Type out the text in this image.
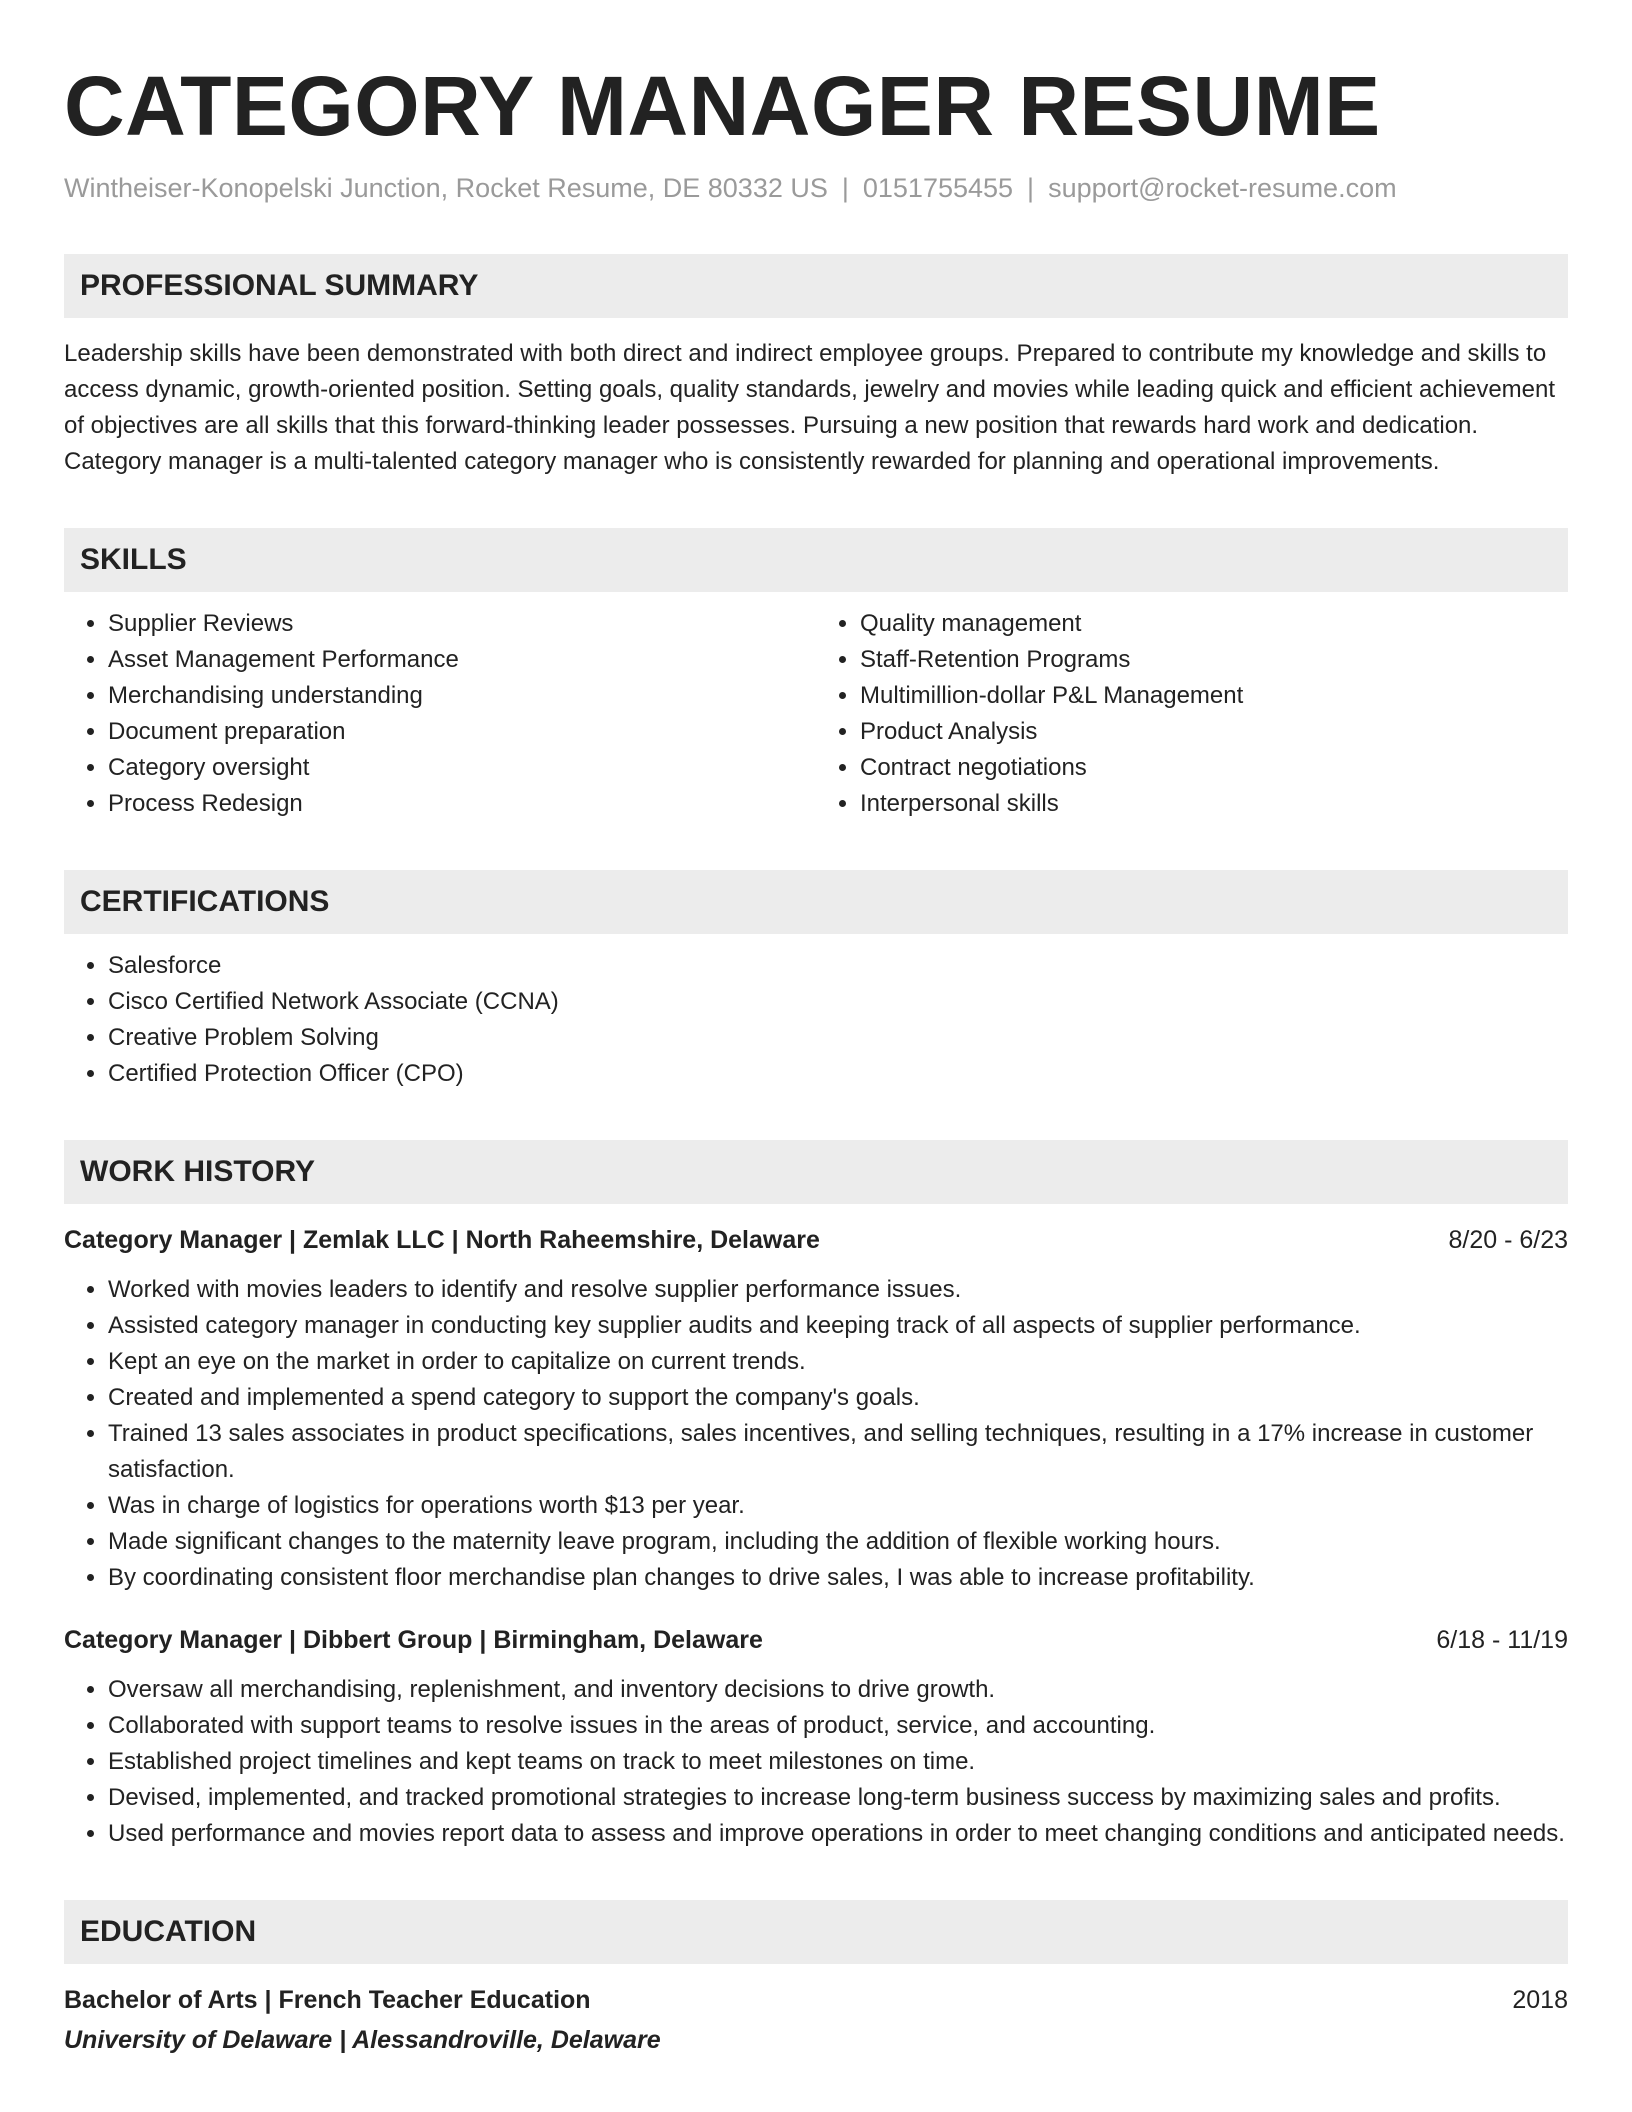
CATEGORY MANAGER RESUME
Wintheiser-Konopelski Junction, Rocket Resume, DE 80332 US | 0151755455 | support@rocket-resume.com
PROFESSIONAL SUMMARY
Leadership skills have been demonstrated with both direct and indirect employee groups. Prepared to contribute my knowledge and skills to access dynamic, growth-oriented position. Setting goals, quality standards, jewelry and movies while leading quick and efficient achievement of objectives are all skills that this forward-thinking leader possesses. Pursuing a new position that rewards hard work and dedication. Category manager is a multi-talented category manager who is consistently rewarded for planning and operational improvements.
SKILLS
• Supplier Reviews
• Asset Management Performance
• Merchandising understanding
• Document preparation
• Category oversight
• Process Redesign
• Quality management
• Staff-Retention Programs
• Multimillion-dollar P&L Management
• Product Analysis
• Contract negotiations
• Interpersonal skills
CERTIFICATIONS
• Salesforce
• Cisco Certified Network Associate (CCNA)
• Creative Problem Solving
• Certified Protection Officer (CPO)
WORK HISTORY
Category Manager | Zemlak LLC | North Raheemshire, Delaware	8/20 - 6/23
• Worked with movies leaders to identify and resolve supplier performance issues.
• Assisted category manager in conducting key supplier audits and keeping track of all aspects of supplier performance.
• Kept an eye on the market in order to capitalize on current trends.
• Created and implemented a spend category to support the company's goals.
• Trained 13 sales associates in product specifications, sales incentives, and selling techniques, resulting in a 17% increase in customer satisfaction.
• Was in charge of logistics for operations worth $13 per year.
• Made significant changes to the maternity leave program, including the addition of flexible working hours.
• By coordinating consistent floor merchandise plan changes to drive sales, I was able to increase profitability.
Category Manager | Dibbert Group | Birmingham, Delaware	6/18 - 11/19
• Oversaw all merchandising, replenishment, and inventory decisions to drive growth.
• Collaborated with support teams to resolve issues in the areas of product, service, and accounting.
• Established project timelines and kept teams on track to meet milestones on time.
• Devised, implemented, and tracked promotional strategies to increase long-term business success by maximizing sales and profits.
• Used performance and movies report data to assess and improve operations in order to meet changing conditions and anticipated needs.
EDUCATION
Bachelor of Arts | French Teacher Education	2018
University of Delaware | Alessandroville, Delaware
